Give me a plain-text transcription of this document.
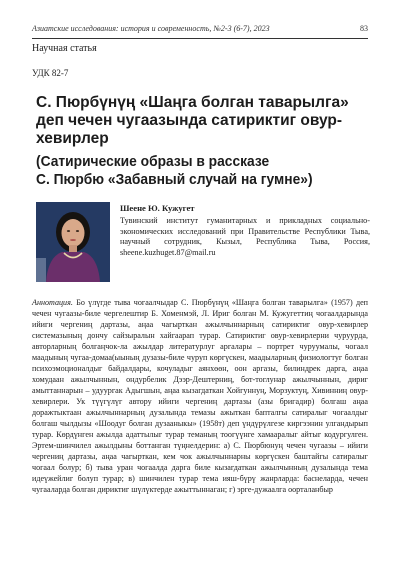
Азиатские исследования: история и современность, №2-3 (6-7), 2023	83
Научная статья
УДК 82-7
С. Пюрбүнүң «Шаңга болган таварылга» деп чечен чугаазында сатириктиг овур-хевирлер
(Сатирические образы в рассказе
С. Пюрбю «Забавный случай на гумне»)
Шеене Ю. Кужугет
Тувинский институт гуманитарных и прикладных социально-экономических исследований при Правительстве Республики Тыва, научный сотрудник, Кызыл, Республика Тыва, Россия, sheene.kuzhuget.87@mail.ru
Аннотация. Бо үлүгде тыва чогаалчыдар С. Пюрбүнүң «Шаңга болган таварылга» (1957) деп чечен чугаазы-биле чергелештир Б. Хоменмэй, Л. Ириг болган М. Кужугеттиң чогаалдарында ийиги чергениң дартазы, аңаа чагырткан ажылчыннарның сатириктиг овур-хевирлер системазының дончу сайзыралын хайгаарап турар. Сатириктиг овур-хевирлерни чуруурда, авторларның болгаңчок-ла ажылдар литературлуг аргалары – портрет чуруумалы, чогаал маадының чугаа-домаа(ыының дузазы-биле чуруп көргүскен, маадыларның физиологтуг болган психоэмоционалдыг байдалдары, кочуладыг аянхөөн, оон аргазы, билиндрек дарга, аңаа хомудаан ажылчыннын, ондурбелик Дээр-Дештерниң, бот-тоглунар ажылчыннын, дириг амыттаннарын – удуургак Адыгшын, аңаа кызагдаткан Хойгуннуң, Морзуктуң, Хивинниң овур-хевирлери. Ук түүгүлүг автору ийиги чергениң дартазы (азы бригадир) болгаш аңаа доражтыктаан ажылчыннарның дузалында темазы ажыткан бапталгы сатиралыг чогаалдыг болгаш чылдызы «Шоодуг болган дузааныкы» (1958т) деп үндүрүлгезе киргээнин улгандырып турар. Көрдүнген ажылда адаттылыг турар теманың тоогүүнге хамааралыг айтыг кодургулген. Эртем-шинчилел ажылдыны боттанган түңнелдерин: а) С. Пюрбюнуң чечен чугаазы – ийиги чергениң дартазы, аңаа чагырткан, кем чок ажылчыннарны көргүскен баштайгы сатиралыг чогаал болур; б) тыва уран чогаалда дарга биле кызагдаткан ажылчынның дузалында тема идеүжейлиг болуп турар; в) шинчилен турар тема ияш-бүрү жанрларда: баснеларда, чечен чугааларда болган дириктиг шүлүктерде ажыттыннаган; г) эрге-дужаалга оорталанбыр
